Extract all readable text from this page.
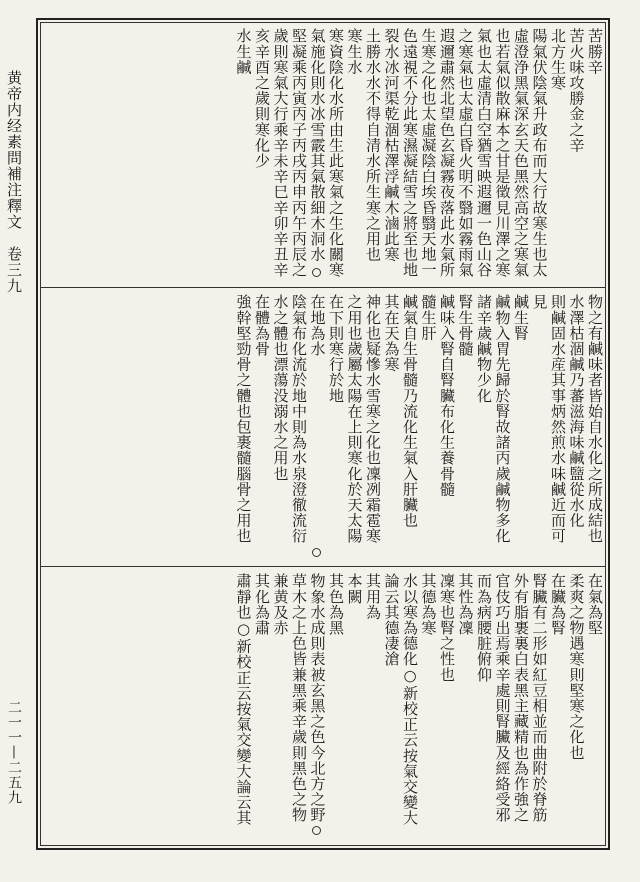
黄帝内经素問補注釋文　卷三九
二一一—二五九
苦勝辛
苦火味攻勝金之辛
北方生寒
陽氣伏陰氣升政布而大行故寒生也太
虛澄浄黑氣深玄天色黑然高空之寒氣
也若氣似散麻本之甘是徵見川澤之寒
氣也太虛清白空猶雪映遐邇一色山谷
之寒氣也太虛白昏火明不翳如霧雨氣
遐邇肅然北望色玄凝霧夜落此水氣所
生寒之化也太虛凝陰白埃昏翳天地一
色遠視不分此寒濕凝結雪之將至也地
裂水冰河渠乾涸枯澤浮鹹木滷此寒
土勝水水不得自清水所生寒之用也
寒生水
寒資陰化水所由生此寒氣之生化關寒
氣施化則水冰雪霰其氣散細木洞水
堅凝乘丙寅丙子丙戌丙申丙午丙辰之
歲則寒氣大行乘辛未辛巳辛卯辛丑辛
亥辛酉之歲則寒化少
水生鹹
物之有鹹味者皆始自水化之所成結也
水澤枯涸鹹乃蕃滋海味鹹盬從水化
則鹹固水産其事炳然煎水味鹹近而可
見
鹹生腎
鹹物入胃先歸於腎故諸丙歲鹹物多化
諸辛歲鹹物少化
腎生骨髓
鹹味入腎自腎臟布化生養骨髓
髓生肝
鹹氣自生骨髓乃流化生氣入肝臟也
其在天為寒
神化也疑慘水雪寒之化也凜冽霜雹寒
之用也歲屬太陽在上則寒化於天太陽
在下則寒行於地
在地為水
陰氣布化流於地中則為水泉澄徹流衍
水之體也漂蕩没溺水之用也
在體為骨
強幹堅勁骨之體也包裹髓腦骨之用也
在氣為堅
柔爽之物遇寒則堅寒之化也
在臟為腎
腎臟有二形如紅豆相並而曲附於脊筋
外有脂裹裏白表黑主藏精也為作強之
官伎巧出焉乘辛處則腎臟及經絡受邪
而為病腰脏俯仰
其性為凜
凜寒也腎之性也
其德為寒
水以寒為德化○新校正云按氣交變大
論云其德凄滄
其用為
本闕
其色為黑
物象水成則表被玄黑之色今北方之野
草木之上色皆兼黑乘辛歲則黑色之物
兼黄及赤
其化為肅
肅靜也○新校正云按氣交變大論云其
